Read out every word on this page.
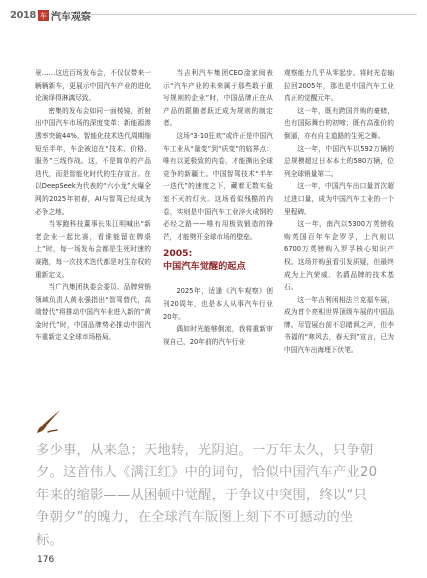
2018 车 汽车观察

景……这近百场发布会，不仅仅带来一辆辆新车，更展示中国汽车产业的进化论演绎得淋漓尽致。

密集的发布会如同一面棱镜，折射出中国汽车市场的深度变革：新能源渗透率突破44%，智能化技术迭代周期缩短至半年，车企被迫在“技术、价格、服务”三线作战。这，不是简单的产品迭代，而是智能化时代的生存宣言。在以DeepSeek为代表的“六小龙”火爆全网的2025年初春，AI与智驾已经成为必争之地。

当零跑科技董事长朱江明喊出“新老企业一起比赛，看谁能留在牌桌上”时，每一场发布会都是生死时速的赛跑，每一次技术迭代都是对生存权的重新定义。

当广汽集团执委会委员、品牌营销领域负责人黄永强指出“智驾替代，高端替代”将推动中国汽车业进入新的“黄金时代”时，中国品牌势必推动中国汽车重新定义全球市场格局。

当吉利汽车集团CEO淦家阅表示“汽车产业的未来属于那些敢于重写规则的企业”时，中国品牌正在从产品的跟随者跃迁成为规则的制定者。

这场“3·10狂欢”或许正是中国汽车工业从“量变”到“质变”的临界点：唯有以更极致的内卷，才能撕出全球竞争的新疆土。中国智驾技术“半年一迭代”的速度之下，藏着无数实验室不灭的灯火。这场看似残酷的内卷，实则是中国汽车工业淬火成钢的必经之路——唯有用极致锻造的锋芒，才能劈开全球市场的壁垒。

2005:
中国汽车觉醒的起点

2025年，适逢《汽车观察》创刊20周年，也是本人从事汽车行业20年。

偶如时光能够倒流，我将重新审视自己，20年前的汽车行业

观察能力几乎从零起步。将时光卷轴拉回2005年，那也是中国汽车工业真正的觉醒元年。

这一年，既有跨国并购的豪赌，也有国际舞台的初啼；既有高涨价的倒逼，亦有自主道路的生死之舞。

这一年，中国汽车以592万辆的总规模超过日本本土的580万辆，位列全球销量第二。

这一年，中国汽车出口量首次超过进口量，成为中国汽车工业的一个里程碑。

这一年，南汽以5300万英镑收购英国百年车企罗孚，上汽则以6700万英镑购入罗孚核心知识产权。这场并购虽看引发质疑，但最终成为上汽荣威、名爵品牌的技术基石。

这一年吉利闲相法兰克福车展，成为首个亮相世界顶级车展的中国品牌。尽管展台前不忍睹讽之声，但李书福的“寒风去，春天到”宣言，已为中国汽车出海埋下伏笔。

多少事，从来急；天地转，光阴迫。一万年太久，只争朝夕。这首伟人《满江红》中的词句，恰似中国汽车产业20年来的缩影——从困顿中觉醒，于争议中突围，终以“只争朝夕”的魄力，在全球汽车版图上刻下不可撼动的坐标。
176
